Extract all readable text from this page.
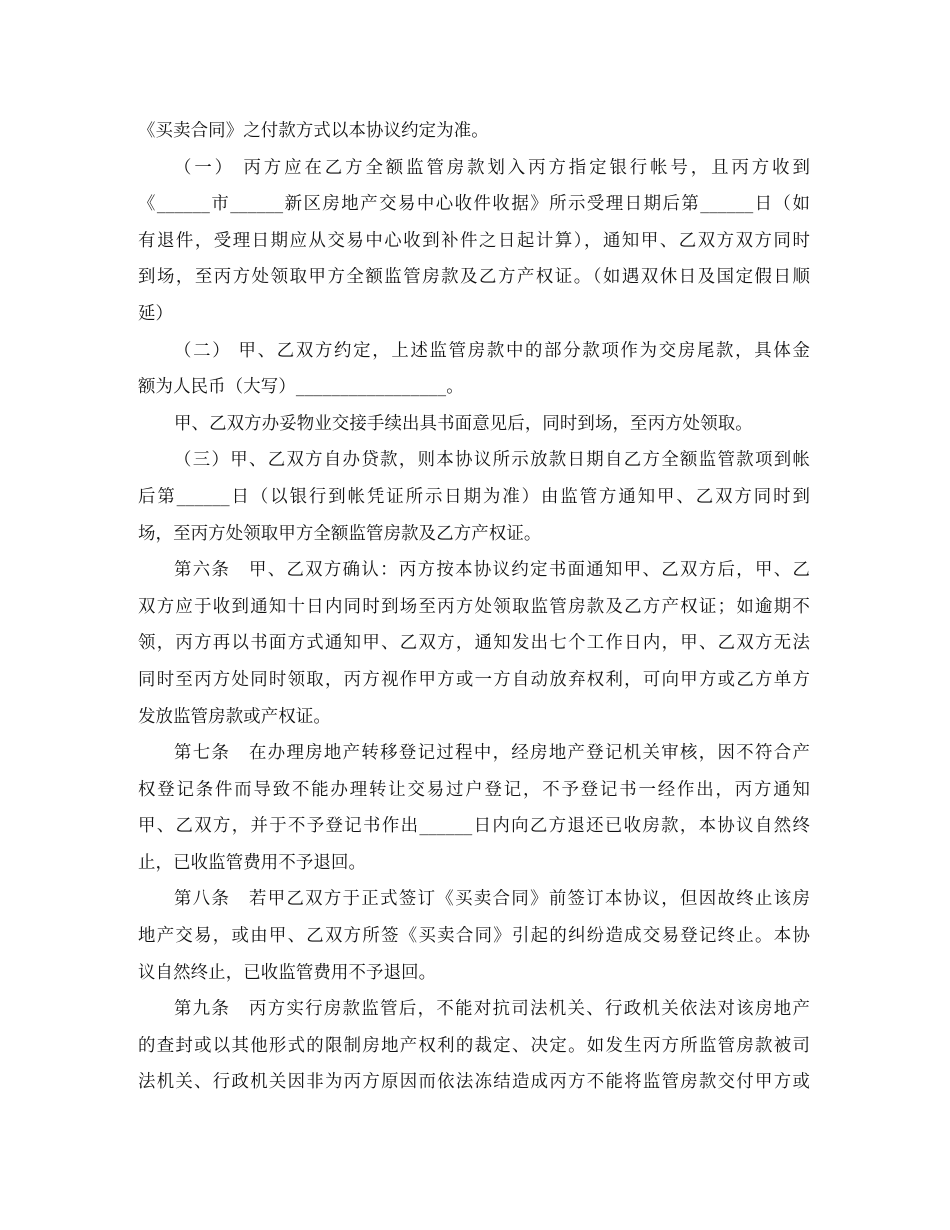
《买卖合同》之付款方式以本协议约定为准。

（一） 丙方应在乙方全额监管房款划入丙方指定银行帐号，且丙方收到
《______市______新区房地产交易中心收件收据》所示受理日期后第______日（如
有退件，受理日期应从交易中心收到补件之日起计算），通知甲、乙双方双方同时
到场，至丙方处领取甲方全额监管房款及乙方产权证。（如遇双休日及国定假日顺
延）

（二） 甲、乙双方约定，上述监管房款中的部分款项作为交房尾款，具体金
额为人民币（大写）_________________。

甲、乙双方办妥物业交接手续出具书面意见后，同时到场，至丙方处领取。

（三）甲、乙双方自办贷款，则本协议所示放款日期自乙方全额监管款项到帐
后第______日（以银行到帐凭证所示日期为准）由监管方通知甲、乙双方同时到
场，至丙方处领取甲方全额监管房款及乙方产权证。

第六条　甲、乙双方确认：丙方按本协议约定书面通知甲、乙双方后，甲、乙
双方应于收到通知十日内同时到场至丙方处领取监管房款及乙方产权证；如逾期不
领，丙方再以书面方式通知甲、乙双方，通知发出七个工作日内，甲、乙双方无法
同时至丙方处同时领取，丙方视作甲方或一方自动放弃权利，可向甲方或乙方单方
发放监管房款或产权证。

第七条　在办理房地产转移登记过程中，经房地产登记机关审核，因不符合产
权登记条件而导致不能办理转让交易过户登记，不予登记书一经作出，丙方通知
甲、乙双方，并于不予登记书作出______日内向乙方退还已收房款，本协议自然终
止，已收监管费用不予退回。

第八条　若甲乙双方于正式签订《买卖合同》前签订本协议，但因故终止该房
地产交易，或由甲、乙双方所签《买卖合同》引起的纠纷造成交易登记终止。本协
议自然终止，已收监管费用不予退回。

第九条　丙方实行房款监管后，不能对抗司法机关、行政机关依法对该房地产
的查封或以其他形式的限制房地产权利的裁定、决定。如发生丙方所监管房款被司
法机关、行政机关因非为丙方原因而依法冻结造成丙方不能将监管房款交付甲方或
